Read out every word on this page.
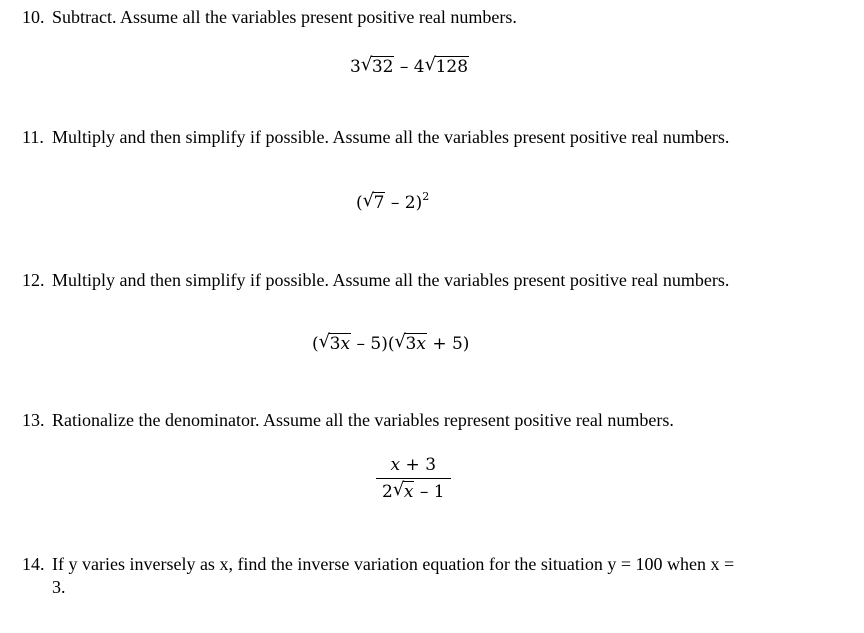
10. Subtract. Assume all the variables present positive real numbers.
3 √ 32 – 4 √ 128
11. Multiply and then simplify if possible. Assume all the variables present positive real numbers.
( √ 7 – 2)$^2$
12. Multiply and then simplify if possible. Assume all the variables present positive real numbers.
( √ 3x – 5)( √ 3x + 5)
13. Rationalize the denominator. Assume all the variables represent positive real numbers.
$\frac{x + 3}{2 √ x - 1}$
14. If y varies inversely as x, find the inverse variation equation for the situation y = 100 when x = 3.
